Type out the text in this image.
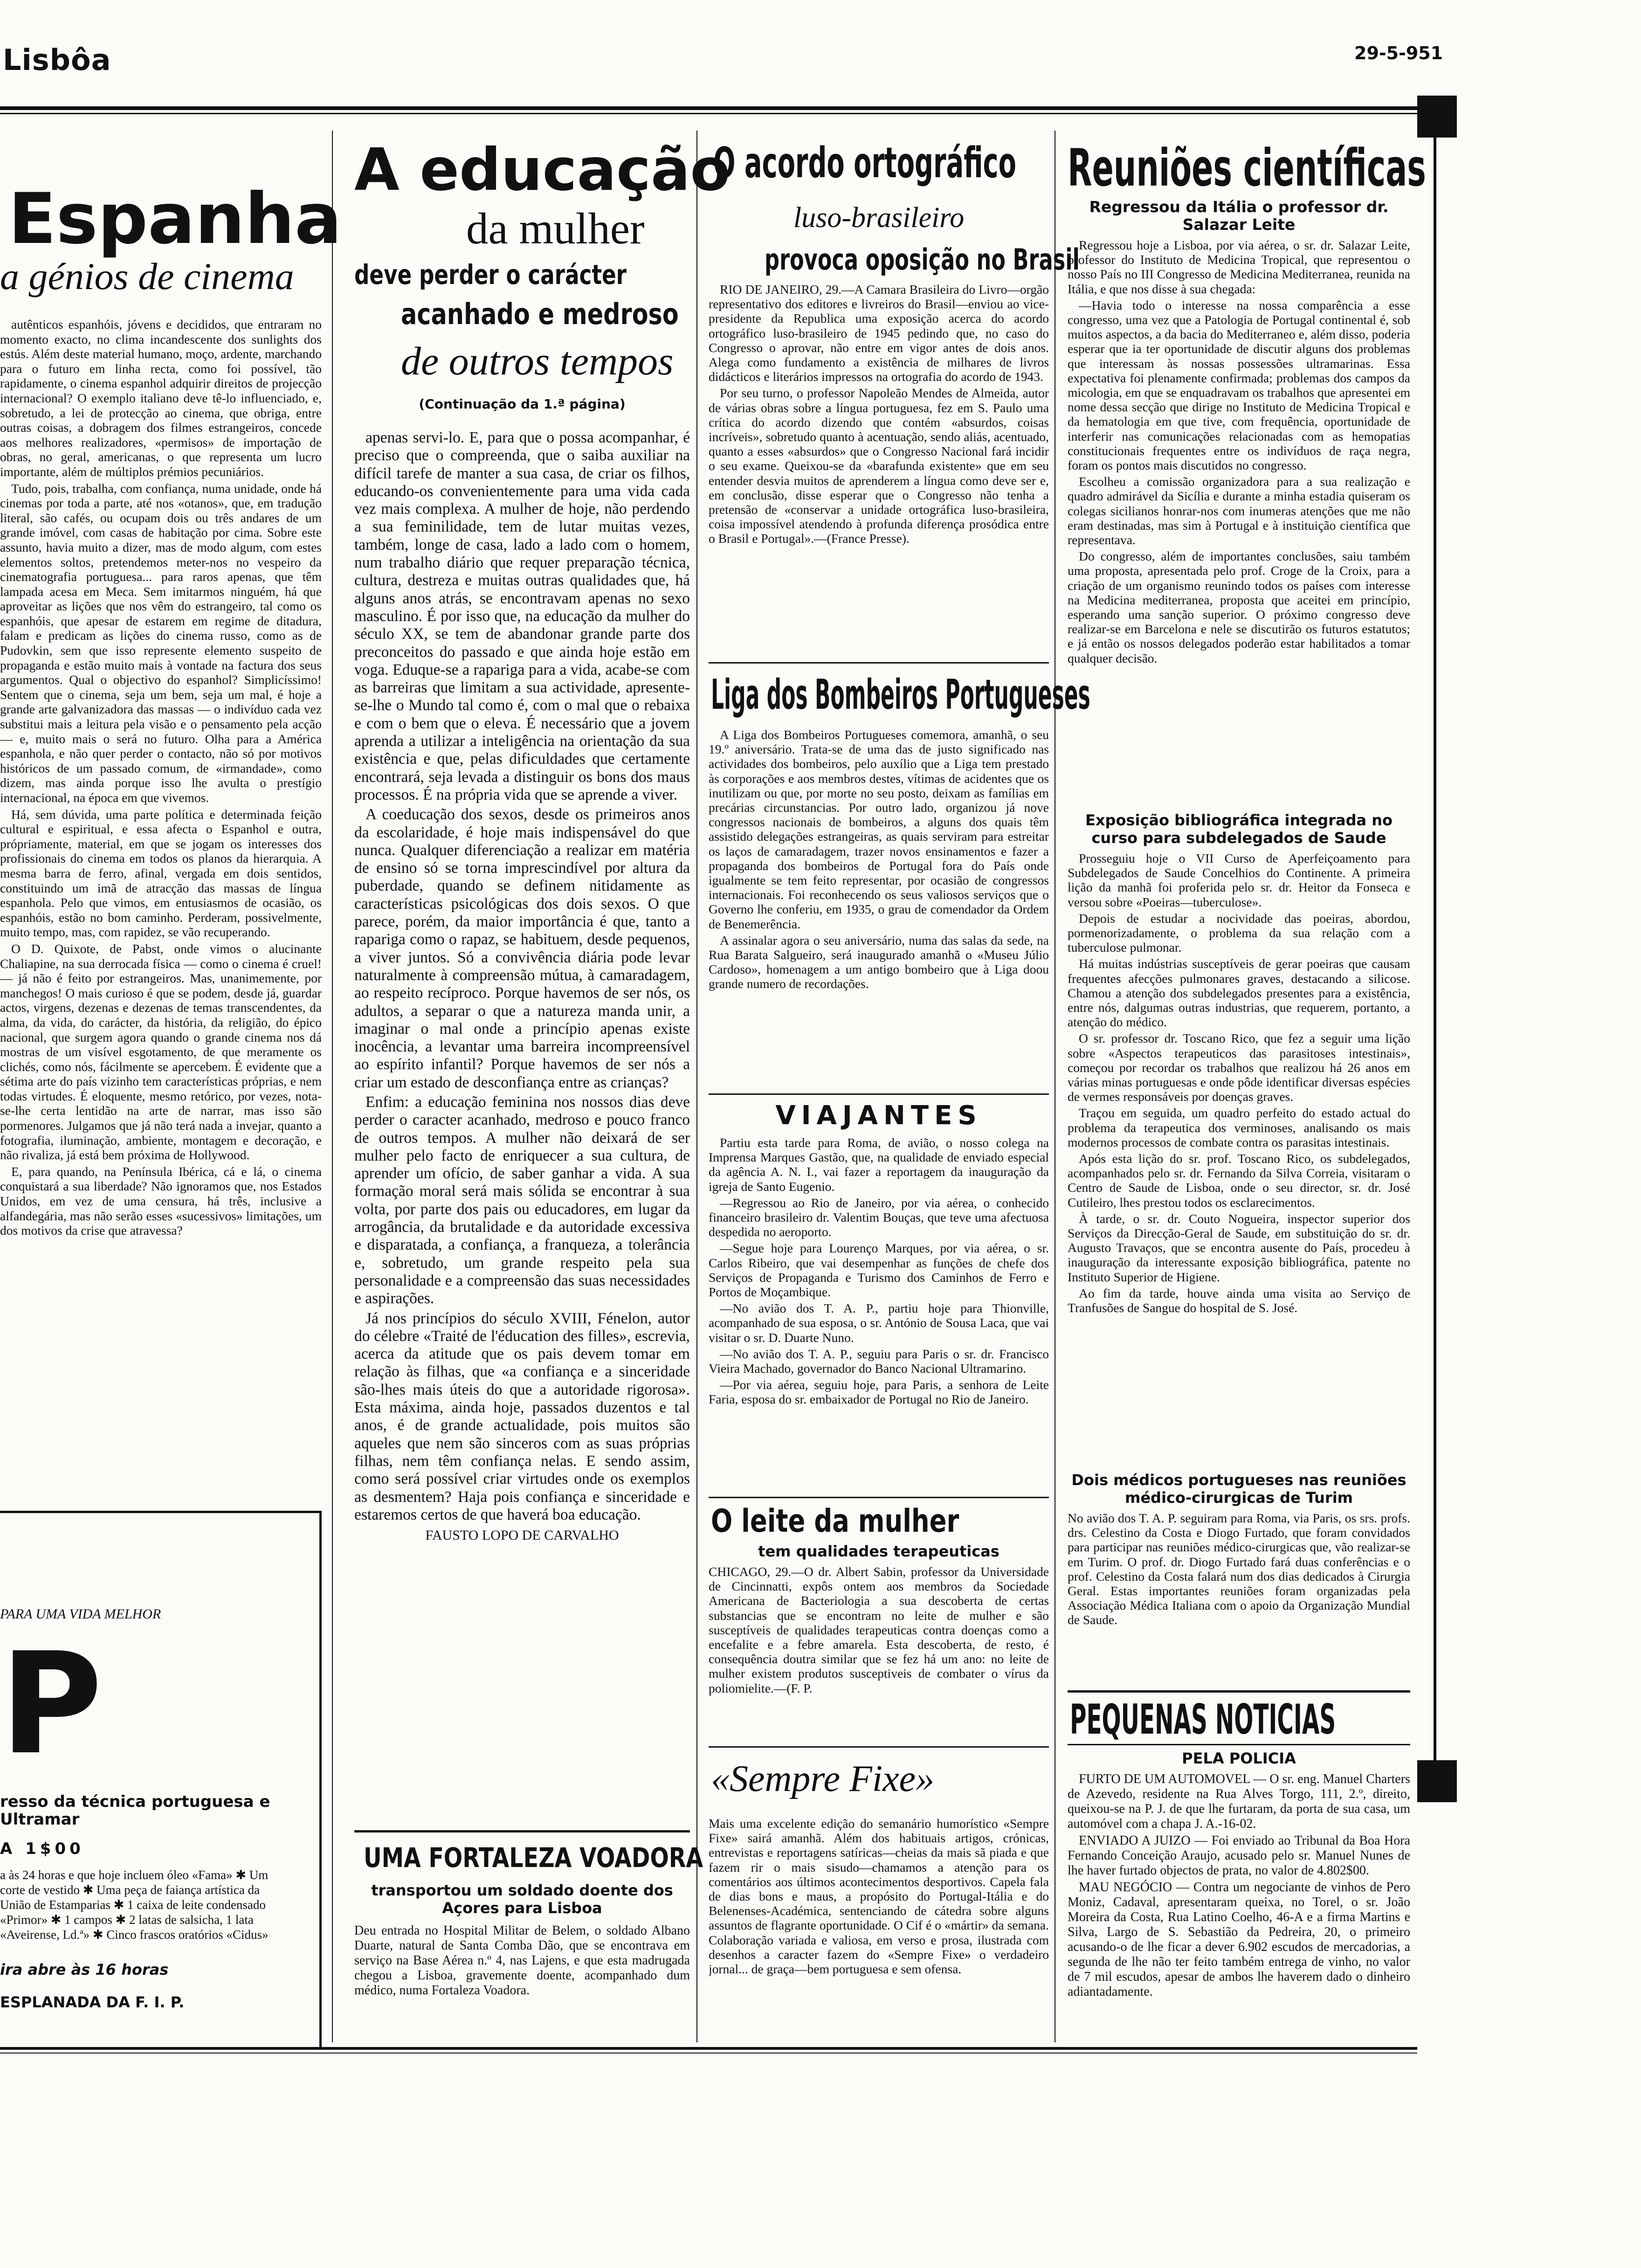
Lisbôa	29-5-951
Espanha
a génios de cinema

autênticos espanhóis, jóvens e decididos, que entraram no momento exacto, no clima incandescente dos sunlights dos estús. Além deste material humano, moço, ardente, marchando para o futuro em linha recta, como foi possível, tão rapidamente, o cinema espanhol adquirir direitos de projecção internacional? O exemplo italiano deve tê-lo influenciado, e, sobretudo, a lei de protecção ao cinema, que obriga, entre outras coisas, a dobragem dos filmes estrangeiros, concede aos melhores realizadores, «permisos» de importação de obras, no geral, americanas, o que representa um lucro importante, além de múltiplos prémios pecuniários.

Tudo, pois, trabalha, com confiança, numa unidade, onde há cinemas por toda a parte, até nos «otanos», que, em tradução literal, são cafés, ou ocupam dois ou três andares de um grande imóvel, com casas de habitação por cima. Sobre este assunto, havia muito a dizer, mas de modo algum, com estes elementos soltos, pretendemos meter-nos no vespeiro da cinematografia portuguesa... para raros apenas, que têm lampada acesa em Meca. Sem imitarmos ninguém, há que aproveitar as lições que nos vêm do estrangeiro, tal como os espanhóis, que apesar de estarem em regime de ditadura, falam e predicam as lições do cinema russo, como as de Pudovkin, sem que isso represente elemento suspeito de propaganda e estão muito mais à vontade na factura dos seus argumentos. Qual o objectivo do espanhol? Simplicíssimo! Sentem que o cinema, seja um bem, seja um mal, é hoje a grande arte galvanizadora das massas — o indivíduo cada vez substitui mais a leitura pela visão e o pensamento pela acção — e, muito mais o será no futuro. Olha para a América espanhola, e não quer perder o contacto, não só por motivos históricos de um passado comum, de «irmandade», como dizem, mas ainda porque isso lhe avulta o prestígio internacional, na época em que vivemos.

Há, sem dúvida, uma parte política e determinada feição cultural e espiritual, e essa afecta o Espanhol e outra, própriamente, material, em que se jogam os interesses dos profissionais do cinema em todos os planos da hierarquia. A mesma barra de ferro, afinal, vergada em dois sentidos, constituindo um imã de atracção das massas de língua espanhola. Pelo que vimos, em entusiasmos de ocasião, os espanhóis, estão no bom caminho. Perderam, possivelmente, muito tempo, mas, com rapidez, se vão recuperando.

O D. Quixote, de Pabst, onde vimos o alucinante Chaliapine, na sua derrocada física — como o cinema é cruel! — já não é feito por estrangeiros. Mas, unanimemente, por manchegos! O mais curioso é que se podem, desde já, guardar actos, virgens, dezenas e dezenas de temas transcendentes, da alma, da vida, do carácter, da história, da religião, do épico nacional, que surgem agora quando o grande cinema nos dá mostras de um visível esgotamento, de que meramente os clichés, como nós, fácilmente se apercebem. É evidente que a sétima arte do país vizinho tem características próprias, e nem todas virtudes. É eloquente, mesmo retórico, por vezes, nota-se-lhe certa lentidão na arte de narrar, mas isso são pormenores. Julgamos que já não terá nada a invejar, quanto a fotografia, iluminação, ambiente, montagem e decoração, e não rivaliza, já está bem próxima de Hollywood.

E, para quando, na Península Ibérica, cá e lá, o cinema conquistará a sua liberdade? Não ignoramos que, nos Estados Unidos, em vez de uma censura, há três, inclusive a alfandegária, mas não serão esses «sucessivos» limitações, um dos motivos da crise que atravessa?

PARA UMA VIDA MELHOR
P
resso da técnica portuguesa e Ultramar
A 1$00
a às 24 horas e que hoje incluem óleo «Fama» ✱ Um corte de vestido ✱ Uma peça de faiança artística da União de Estamparias ✱ 1 caixa de leite condensado «Primor» ✱ 1 campos ✱ 2 latas de salsicha, 1 lata «Aveirense, Ld.ª» ✱ Cinco frascos oratórios «Cidus»
ira abre às 16 horas
ESPLANADA DA F. I. P.
A educação
da mulher
deve perder o carácter
acanhado e medroso
de outros tempos
(Continuação da 1.ª página)

apenas servi-lo. E, para que o possa acompanhar, é preciso que o compreenda, que o saiba auxiliar na difícil tarefe de manter a sua casa, de criar os filhos, educando-os convenientemente para uma vida cada vez mais complexa. A mulher de hoje, não perdendo a sua feminilidade, tem de lutar muitas vezes, também, longe de casa, lado a lado com o homem, num trabalho diário que requer preparação técnica, cultura, destreza e muitas outras qualidades que, há alguns anos atrás, se encontravam apenas no sexo masculino. É por isso que, na educação da mulher do século XX, se tem de abandonar grande parte dos preconceitos do passado e que ainda hoje estão em voga. Eduque-se a rapariga para a vida, acabe-se com as barreiras que limitam a sua actividade, apresente-se-lhe o Mundo tal como é, com o mal que o rebaixa e com o bem que o eleva. É necessário que a jovem aprenda a utilizar a inteligência na orientação da sua existência e que, pelas dificuldades que certamente encontrará, seja levada a distinguir os bons dos maus processos. É na própria vida que se aprende a viver.

A coeducação dos sexos, desde os primeiros anos da escolaridade, é hoje mais indispensável do que nunca. Qualquer diferenciação a realizar em matéria de ensino só se torna imprescindível por altura da puberdade, quando se definem nitidamente as características psicológicas dos dois sexos. O que parece, porém, da maior importância é que, tanto a rapariga como o rapaz, se habituem, desde pequenos, a viver juntos. Só a convivência diária pode levar naturalmente à compreensão mútua, à camaradagem, ao respeito recíproco. Porque havemos de ser nós, os adultos, a separar o que a natureza manda unir, a imaginar o mal onde a princípio apenas existe inocência, a levantar uma barreira incompreensível ao espírito infantil? Porque havemos de ser nós a criar um estado de desconfiança entre as crianças?

Enfim: a educação feminina nos nossos dias deve perder o caracter acanhado, medroso e pouco franco de outros tempos. A mulher não deixará de ser mulher pelo facto de enriquecer a sua cultura, de aprender um ofício, de saber ganhar a vida. A sua formação moral será mais sólida se encontrar à sua volta, por parte dos pais ou educadores, em lugar da arrogância, da brutalidade e da autoridade excessiva e disparatada, a confiança, a franqueza, a tolerância e, sobretudo, um grande respeito pela sua personalidade e a compreensão das suas necessidades e aspirações.

Já nos princípios do século XVIII, Fénelon, autor do célebre «Traité de l'éducation des filles», escrevia, acerca da atitude que os pais devem tomar em relação às filhas, que «a confiança e a sinceridade são-lhes mais úteis do que a autoridade rigorosa». Esta máxima, ainda hoje, passados duzentos e tal anos, é de grande actualidade, pois muitos são aqueles que nem são sinceros com as suas próprias filhas, nem têm confiança nelas. E sendo assim, como será possível criar virtudes onde os exemplos as desmentem? Haja pois confiança e sinceridade e estaremos certos de que haverá boa educação.

FAUSTO LOPO DE CARVALHO
UMA FORTALEZA VOADORA
transportou um soldado doente dos Açores para Lisboa
Deu entrada no Hospital Militar de Belem, o soldado Albano Duarte, natural de Santa Comba Dão, que se encontrava em serviço na Base Aérea n.º 4, nas Lajens, e que esta madrugada chegou a Lisboa, gravemente doente, acompanhado dum médico, numa Fortaleza Voadora.
O acordo ortográfico
luso-brasileiro
provoca oposição no Brasil

RIO DE JANEIRO, 29.—A Camara Brasileira do Livro—orgão representativo dos editores e livreiros do Brasil—enviou ao vice-presidente da Republica uma exposição acerca do acordo ortográfico luso-brasileiro de 1945 pedindo que, no caso do Congresso o aprovar, não entre em vigor antes de dois anos. Alega como fundamento a existência de milhares de livros didácticos e literários impressos na ortografia do acordo de 1943.

Por seu turno, o professor Napoleão Mendes de Almeida, autor de várias obras sobre a língua portuguesa, fez em S. Paulo uma crítica do acordo dizendo que contém «absurdos, coisas incríveis», sobretudo quanto à acentuação, sendo aliás, acentuado, quanto a esses «absurdos» que o Congresso Nacional fará incidir o seu exame. Queixou-se da «barafunda existente» que em seu entender desvia muitos de aprenderem a língua como deve ser e, em conclusão, disse esperar que o Congresso não tenha a pretensão de «conservar a unidade ortográfica luso-brasileira, coisa impossível atendendo à profunda diferença prosódica entre o Brasil e Portugal».—(France Presse).

Liga dos Bombeiros Portugueses

A Liga dos Bombeiros Portugueses comemora, amanhã, o seu 19.º aniversário. Trata-se de uma das de justo significado nas actividades dos bombeiros, pelo auxílio que a Liga tem prestado às corporações e aos membros destes, vítimas de acidentes que os inutilizam ou que, por morte no seu posto, deixam as famílias em precárias circunstancias. Por outro lado, organizou já nove congressos nacionais de bombeiros, a alguns dos quais têm assistido delegações estrangeiras, as quais serviram para estreitar os laços de camaradagem, trazer novos ensinamentos e fazer a propaganda dos bombeiros de Portugal fora do País onde igualmente se tem feito representar, por ocasião de congressos internacionais. Foi reconhecendo os seus valiosos serviços que o Governo lhe conferiu, em 1935, o grau de comendador da Ordem de Benemerência.

A assinalar agora o seu aniversário, numa das salas da sede, na Rua Barata Salgueiro, será inaugurado amanhã o «Museu Júlio Cardoso», homenagem a um antigo bombeiro que à Liga doou grande numero de recordações.

VIAJANTES

Partiu esta tarde para Roma, de avião, o nosso colega na Imprensa Marques Gastão, que, na qualidade de enviado especial da agência A. N. I., vai fazer a reportagem da inauguração da igreja de Santo Eugenio.

—Regressou ao Rio de Janeiro, por via aérea, o conhecido financeiro brasileiro dr. Valentim Bouças, que teve uma afectuosa despedida no aeroporto.

—Segue hoje para Lourenço Marques, por via aérea, o sr. Carlos Ribeiro, que vai desempenhar as funções de chefe dos Serviços de Propaganda e Turismo dos Caminhos de Ferro e Portos de Moçambique.

—No avião dos T. A. P., partiu hoje para Thionville, acompanhado de sua esposa, o sr. António de Sousa Laca, que vai visitar o sr. D. Duarte Nuno.

—No avião dos T. A. P., seguiu para Paris o sr. dr. Francisco Vieira Machado, governador do Banco Nacional Ultramarino.

—Por via aérea, seguiu hoje, para Paris, a senhora de Leite Faria, esposa do sr. embaixador de Portugal no Rio de Janeiro.

O leite da mulher
tem qualidades terapeuticas
CHICAGO, 29.—O dr. Albert Sabin, professor da Universidade de Cincinnatti, expôs ontem aos membros da Sociedade Americana de Bacteriologia a sua descoberta de certas substancias que se encontram no leite de mulher e são susceptíveis de qualidades terapeuticas contra doenças como a encefalite e a febre amarela. Esta descoberta, de resto, é consequência doutra similar que se fez há um ano: no leite de mulher existem produtos susceptiveis de combater o vírus da poliomielite.—(F. P.
«Sempre Fixe»
Mais uma excelente edição do semanário humorístico «Sempre Fixe» sairá amanhã. Além dos habituais artigos, crónicas, entrevistas e reportagens satíricas—cheias da mais sã piada e que fazem rir o mais sisudo—chamamos a atenção para os comentários aos últimos acontecimentos desportivos. Capela fala de dias bons e maus, a propósito do Portugal-Itália e do Belenenses-Académica, sentenciando de cátedra sobre alguns assuntos de flagrante oportunidade. O Cif é o «mártir» da semana. Colaboração variada e valiosa, em verso e prosa, ilustrada com desenhos a caracter fazem do «Sempre Fixe» o verdadeiro jornal... de graça—bem portuguesa e sem ofensa.
Reuniões científicas
Regressou da Itália o professor dr. Salazar Leite

Regressou hoje a Lisboa, por via aérea, o sr. dr. Salazar Leite, professor do Instituto de Medicina Tropical, que representou o nosso País no III Congresso de Medicina Mediterranea, reunida na Itália, e que nos disse à sua chegada:

—Havia todo o interesse na nossa comparência a esse congresso, uma vez que a Patologia de Portugal continental é, sob muitos aspectos, a da bacia do Mediterraneo e, além disso, poderia esperar que ia ter oportunidade de discutir alguns dos problemas que interessam às nossas possessões ultramarinas. Essa expectativa foi plenamente confirmada; problemas dos campos da micologia, em que se enquadravam os trabalhos que apresentei em nome dessa secção que dirige no Instituto de Medicina Tropical e da hematologia em que tive, com frequência, oportunidade de interferir nas comunicações relacionadas com as hemopatias constitucionais frequentes entre os indivíduos de raça negra, foram os pontos mais discutidos no congresso.

Escolheu a comissão organizadora para a sua realização e quadro admirável da Sicília e durante a minha estadia quiseram os colegas sicilianos honrar-nos com inumeras atenções que me não eram destinadas, mas sim à Portugal e à instituição científica que representava.

Do congresso, além de importantes conclusões, saiu também uma proposta, apresentada pelo prof. Croge de la Croix, para a criação de um organismo reunindo todos os países com interesse na Medicina mediterranea, proposta que aceitei em princípio, esperando uma sanção superior. O próximo congresso deve realizar-se em Barcelona e nele se discutirão os futuros estatutos; e já então os nossos delegados poderão estar habilitados a tomar qualquer decisão.

Exposição bibliográfica integrada no curso para subdelegados de Saude

Prosseguiu hoje o VII Curso de Aperfeiçoamento para Subdelegados de Saude Concelhios do Continente. A primeira lição da manhã foi proferida pelo sr. dr. Heitor da Fonseca e versou sobre «Poeiras—tuberculose».

Depois de estudar a nocividade das poeiras, abordou, pormenorizadamente, o problema da sua relação com a tuberculose pulmonar.

Há muitas indústrias susceptíveis de gerar poeiras que causam frequentes afecções pulmonares graves, destacando a silicose. Chamou a atenção dos subdelegados presentes para a existência, entre nós, dalgumas outras industrias, que requerem, portanto, a atenção do médico.

O sr. professor dr. Toscano Rico, que fez a seguir uma lição sobre «Aspectos terapeuticos das parasitoses intestinais», começou por recordar os trabalhos que realizou há 26 anos em várias minas portuguesas e onde pôde identificar diversas espécies de vermes responsáveis por doenças graves.

Traçou em seguida, um quadro perfeito do estado actual do problema da terapeutica dos verminoses, analisando os mais modernos processos de combate contra os parasitas intestinais.

Após esta lição do sr. prof. Toscano Rico, os subdelegados, acompanhados pelo sr. dr. Fernando da Silva Correia, visitaram o Centro de Saude de Lisboa, onde o seu director, sr. dr. José Cutileiro, lhes prestou todos os esclarecimentos.

À tarde, o sr. dr. Couto Nogueira, inspector superior dos Serviços da Direcção-Geral de Saude, em substituição do sr. dr. Augusto Travaços, que se encontra ausente do País, procedeu à inauguração da interessante exposição bibliográfica, patente no Instituto Superior de Higiene.

Ao fim da tarde, houve ainda uma visita ao Serviço de Tranfusões de Sangue do hospital de S. José.

Dois médicos portugueses nas reuniões médico-cirurgicas de Turim
No avião dos T. A. P. seguiram para Roma, via Paris, os srs. profs. drs. Celestino da Costa e Diogo Furtado, que foram convidados para participar nas reuniões médico-cirurgicas que, vão realizar-se em Turim. O prof. dr. Diogo Furtado fará duas conferências e o prof. Celestino da Costa falará num dos dias dedicados à Cirurgia Geral. Estas importantes reuniões foram organizadas pela Associação Médica Italiana com o apoio da Organização Mundial de Saude.
PEQUENAS NOTICIAS
PELA POLICIA

FURTO DE UM AUTOMOVEL — O sr. eng. Manuel Charters de Azevedo, residente na Rua Alves Torgo, 111, 2.º, direito, queixou-se na P. J. de que lhe furtaram, da porta de sua casa, um automóvel com a chapa J. A.-16-02.

ENVIADO A JUIZO — Foi enviado ao Tribunal da Boa Hora Fernando Conceição Araujo, acusado pelo sr. Manuel Nunes de lhe haver furtado objectos de prata, no valor de 4.802$00.

MAU NEGÓCIO — Contra um negociante de vinhos de Pero Moniz, Cadaval, apresentaram queixa, no Torel, o sr. João Moreira da Costa, Rua Latino Coelho, 46-A e a firma Martins e Silva, Largo de S. Sebastião da Pedreira, 20, o primeiro acusando-o de lhe ficar a dever 6.902 escudos de mercadorias, a segunda de lhe não ter feito também entrega de vinho, no valor de 7 mil escudos, apesar de ambos lhe haverem dado o dinheiro adiantadamente.
